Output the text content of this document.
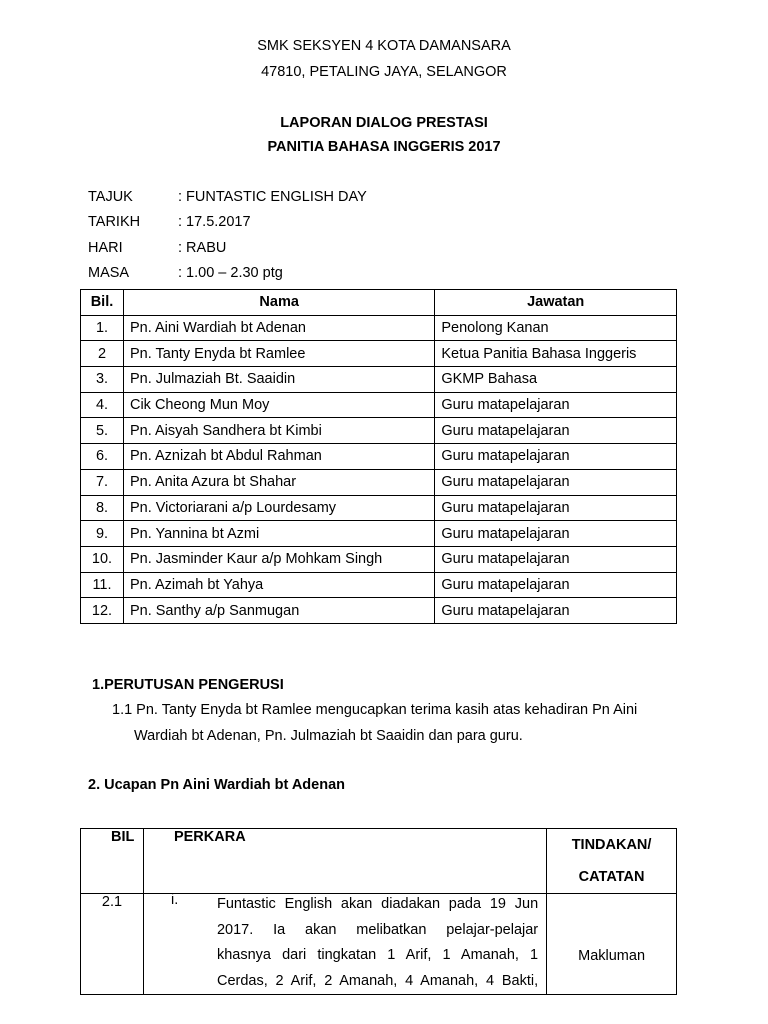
SMK SEKSYEN 4 KOTA DAMANSARA
47810, PETALING JAYA, SELANGOR
LAPORAN DIALOG PRESTASI
PANITIA BAHASA INGGERIS 2017
TAJUK	: FUNTASTIC ENGLISH DAY
TARIKH	: 17.5.2017
HARI	: RABU
MASA	: 1.00 – 2.30 ptg
Bil.	Nama	Jawatan
1.	Pn. Aini Wardiah bt Adenan	Penolong Kanan
2	Pn. Tanty Enyda bt Ramlee	Ketua Panitia Bahasa Inggeris
3.	Pn. Julmaziah Bt. Saaidin	GKMP Bahasa
4.	Cik Cheong Mun Moy	Guru matapelajaran
5.	Pn. Aisyah Sandhera bt Kimbi	Guru matapelajaran
6.	Pn. Aznizah bt Abdul Rahman	Guru matapelajaran
7.	Pn. Anita Azura bt Shahar	Guru matapelajaran
8.	Pn. Victoriarani a/p Lourdesamy	Guru matapelajaran
9.	Pn. Yannina bt Azmi	Guru matapelajaran
10.	Pn. Jasminder Kaur a/p Mohkam Singh	Guru matapelajaran
11.	Pn. Azimah bt Yahya	Guru matapelajaran
12.	Pn. Santhy a/p Sanmugan	Guru matapelajaran
1.PERUTUSAN PENGERUSI
1.1 Pn. Tanty Enyda bt Ramlee mengucapkan terima kasih atas kehadiran Pn Aini
Wardiah bt Adenan, Pn. Julmaziah bt Saaidin dan para guru.
2. Ucapan Pn Aini Wardiah bt Adenan
BIL	PERKARA	TINDAKAN/
CATATAN

2.1	i. Funtastic English akan diadakan pada 19 Jun
2017. Ia akan melibatkan pelajar-pelajar
khasnya dari tingkatan 1 Arif, 1 Amanah, 1
Cerdas, 2 Arif, 2 Amanah, 4 Amanah, 4 Bakti,	Makluman
